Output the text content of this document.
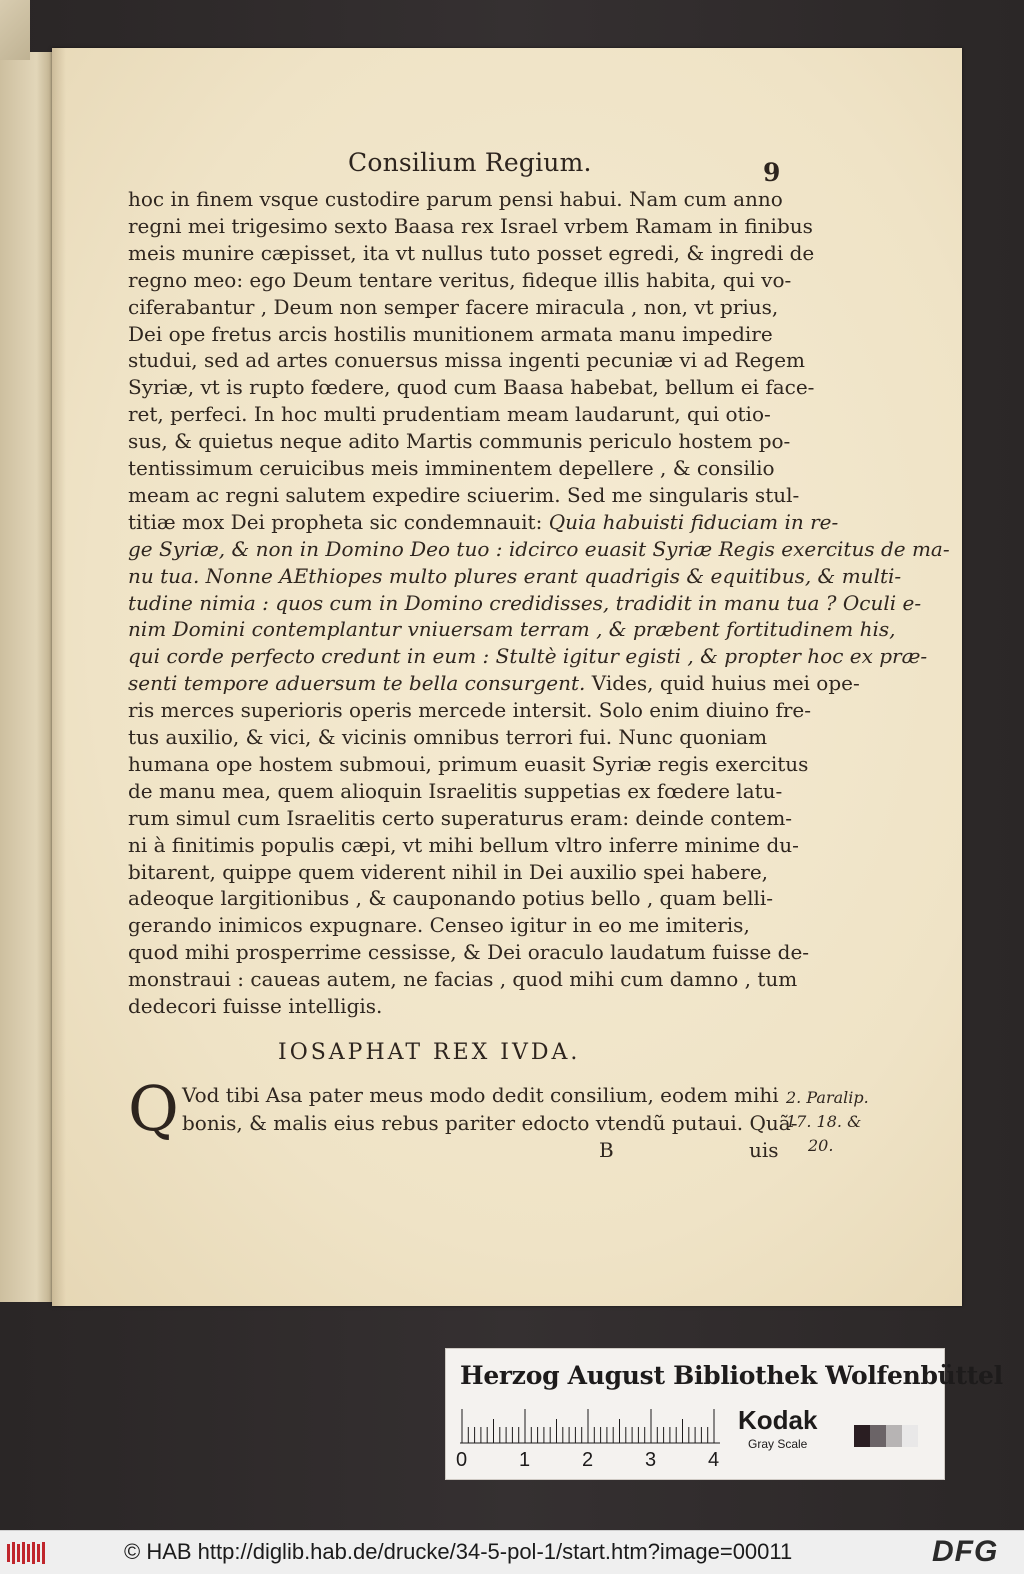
Consilium Regium.	9
hoc in finem vsque custodire parum pensi habui. Nam cum anno
regni mei trigesimo sexto Baasa rex Israel vrbem Ramam in finibus
meis munire cæpisset, ita vt nullus tuto posset egredi, & ingredi de
regno meo: ego Deum tentare veritus, fideque illis habita, qui vo-
ciferabantur , Deum non semper facere miracula , non, vt prius,
Dei ope fretus arcis hostilis munitionem armata manu impedire
studui, sed ad artes conuersus missa ingenti pecuniæ vi ad Regem
Syriæ, vt is rupto fœdere, quod cum Baasa habebat, bellum ei face-
ret, perfeci. In hoc multi prudentiam meam laudarunt, qui otio-
sus, & quietus neque adito Martis communis periculo hostem po-
tentissimum ceruicibus meis imminentem depellere , & consilio
meam ac regni salutem expedire sciuerim. Sed me singularis stul-
titiæ mox Dei propheta sic condemnauit: Quia habuisti fiduciam in re-
ge Syriæ, & non in Domino Deo tuo : idcirco euasit Syriæ Regis exercitus de ma-
nu tua. Nonne AEthiopes multo plures erant quadrigis & equitibus, & multi-
tudine nimia : quos cum in Domino credidisses, tradidit in manu tua ? Oculi e-
nim Domini contemplantur vniuersam terram , & præbent fortitudinem his,
qui corde perfecto credunt in eum : Stultè igitur egisti , & propter hoc ex præ-
senti tempore aduersum te bella consurgent. Vides, quid huius mei ope-
ris merces superioris operis mercede intersit. Solo enim diuino fre-
tus auxilio, & vici, & vicinis omnibus terrori fui. Nunc quoniam
humana ope hostem submoui, primum euasit Syriæ regis exercitus
de manu mea, quem alioquin Israelitis suppetias ex fœdere latu-
rum simul cum Israelitis certo superaturus eram: deinde contem-
ni à finitimis populis cæpi, vt mihi bellum vltro inferre minime du-
bitarent, quippe quem viderent nihil in Dei auxilio spei habere,
adeoque largitionibus , & cauponando potius bello , quam belli-
gerando inimicos expugnare. Censeo igitur in eo me imiteris,
quod mihi prosperrime cessisse, & Dei oraculo laudatum fuisse de-
monstraui : caueas autem, ne facias , quod mihi cum damno , tum
dedecori fuisse intelligis.
IOSAPHAT REX IVDA.
Q Vod tibi Asa pater meus modo dedit consilium, eodem mihi
bonis, & malis eius rebus pariter edocto vtendũ putaui. Quã-
2. Paralip.
17. 18. &
20.
B	uis
Herzog August Bibliothek Wolfenbüttel
0	1	2	3	4
Kodak
Gray Scale
© HAB http://diglib.hab.de/drucke/34-5-pol-1/start.htm?image=00011	DFG
